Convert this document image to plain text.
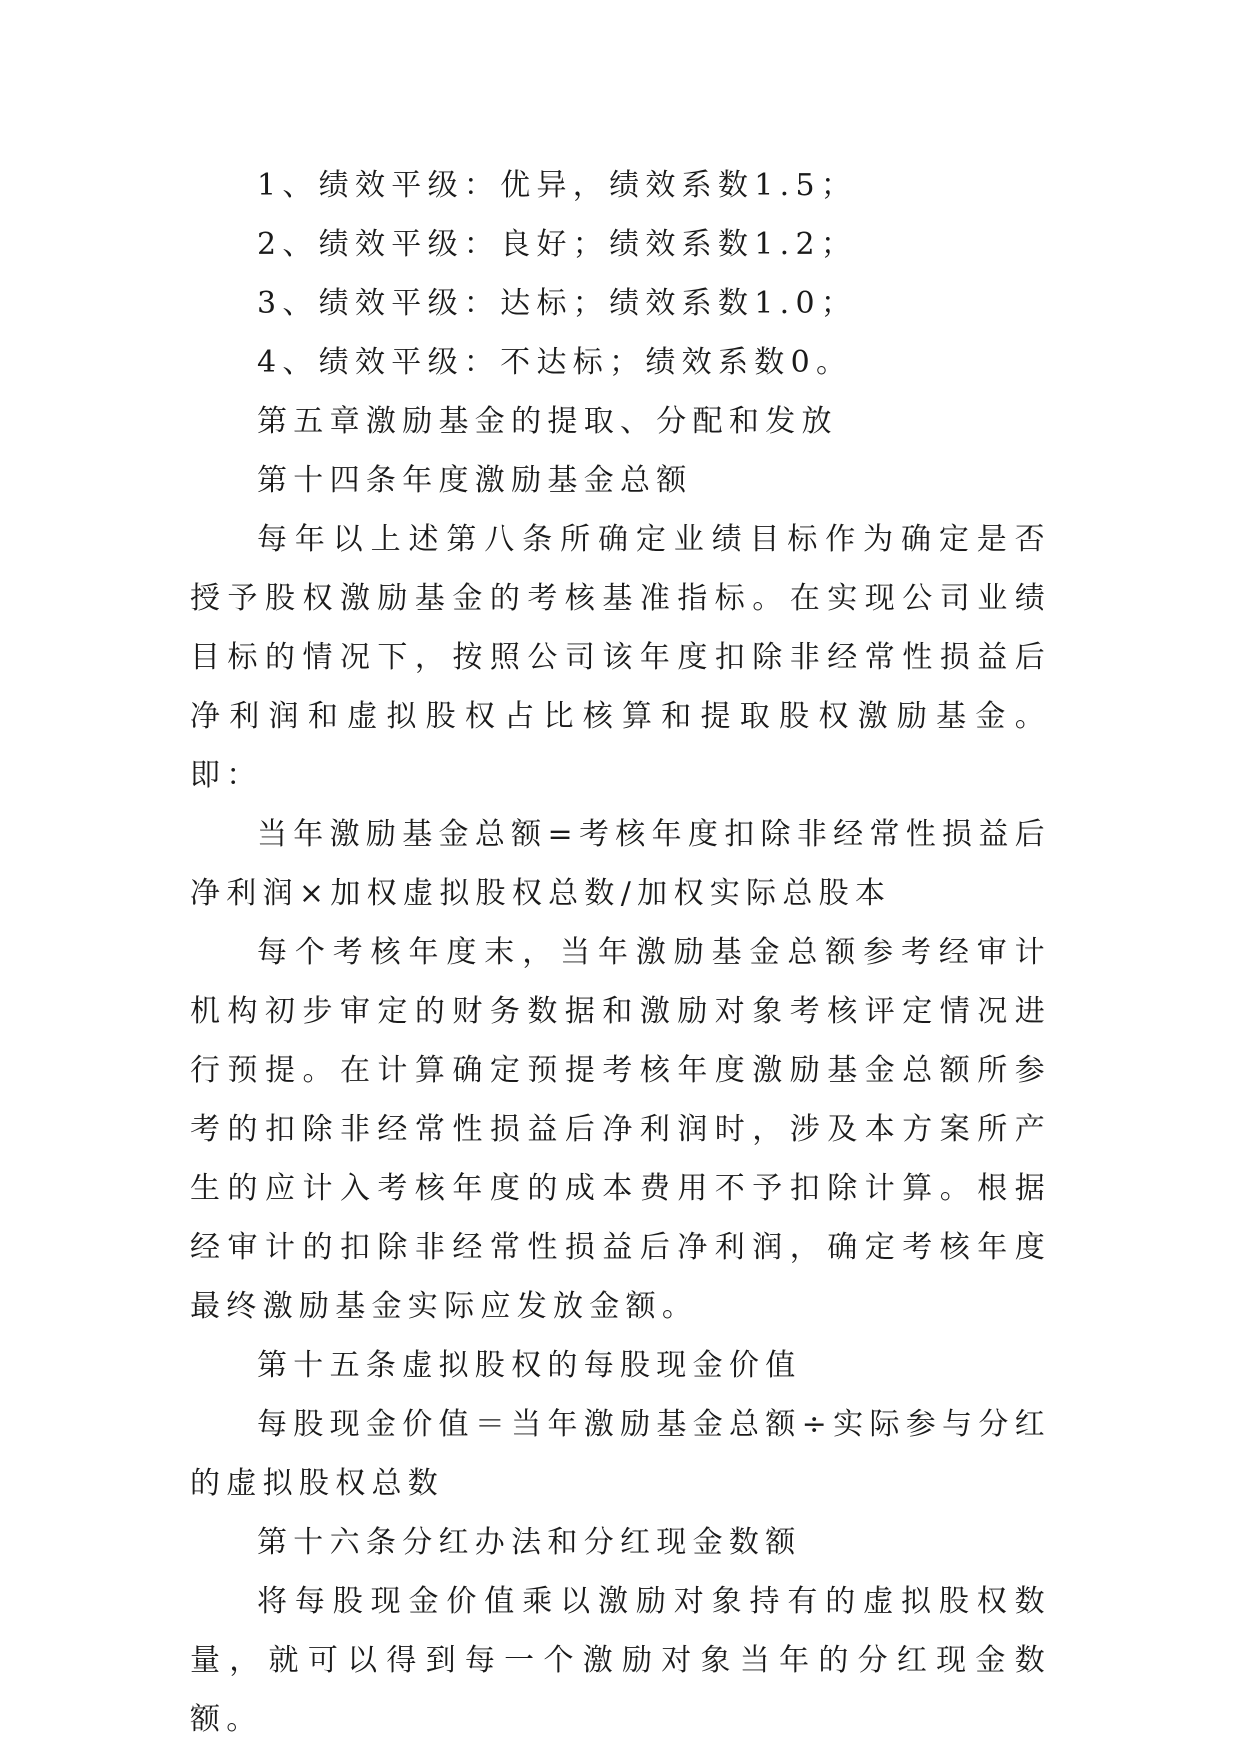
1、绩效平级：优异，绩效系数1.5；

2、绩效平级：良好；绩效系数1.2；

3、绩效平级：达标；绩效系数1.0；

4、绩效平级：不达标；绩效系数0。

第五章激励基金的提取、分配和发放

第十四条年度激励基金总额

每年以上述第八条所确定业绩目标作为确定是否授予股权激励基金的考核基准指标。在实现公司业绩目标的情况下，按照公司该年度扣除非经常性损益后净利润和虚拟股权占比核算和提取股权激励基金。即：

当年激励基金总额=考核年度扣除非经常性损益后净利润×加权虚拟股权总数/加权实际总股本

每个考核年度末，当年激励基金总额参考经审计机构初步审定的财务数据和激励对象考核评定情况进行预提。在计算确定预提考核年度激励基金总额所参考的扣除非经常性损益后净利润时，涉及本方案所产生的应计入考核年度的成本费用不予扣除计算。根据经审计的扣除非经常性损益后净利润，确定考核年度最终激励基金实际应发放金额。

第十五条虚拟股权的每股现金价值

每股现金价值＝当年激励基金总额÷实际参与分红的虚拟股权总数

第十六条分红办法和分红现金数额

将每股现金价值乘以激励对象持有的虚拟股权数量，就可以得到每一个激励对象当年的分红现金数额。
